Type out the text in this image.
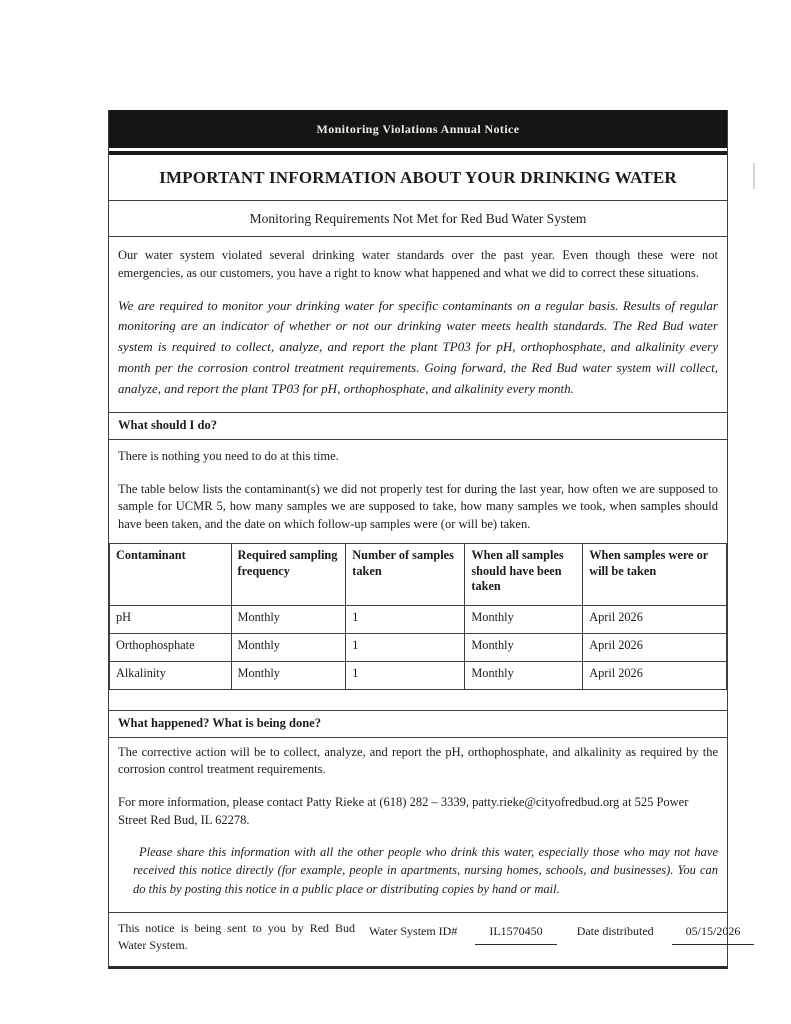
Monitoring Violations Annual Notice
IMPORTANT INFORMATION ABOUT YOUR DRINKING WATER
Monitoring Requirements Not Met for Red Bud Water System

Our water system violated several drinking water standards over the past year. Even though these were not emergencies, as our customers, you have a right to know what happened and what we did to correct these situations.

We are required to monitor your drinking water for specific contaminants on a regular basis. Results of regular monitoring are an indicator of whether or not our drinking water meets health standards. The Red Bud water system is required to collect, analyze, and report the plant TP03 for pH, orthophosphate, and alkalinity every month per the corrosion control treatment requirements. Going forward, the Red Bud water system will collect, analyze, and report the plant TP03 for pH, orthophosphate, and alkalinity every month.

What should I do?

There is nothing you need to do at this time.

The table below lists the contaminant(s) we did not properly test for during the last year, how often we are supposed to sample for UCMR 5, how many samples we are supposed to take, how many samples we took, when samples should have been taken, and the date on which follow-up samples were (or will be) taken.

Contaminant	Required sampling frequency	Number of samples taken	When all samples should have been taken	When samples were or will be taken
pH	Monthly	1	Monthly	April 2026
Orthophosphate	Monthly	1	Monthly	April 2026
Alkalinity	Monthly	1	Monthly	April 2026
What happened? What is being done?

The corrective action will be to collect, analyze, and report the pH, orthophosphate, and alkalinity as required by the corrosion control treatment requirements.

For more information, please contact Patty Rieke at (618) 282 – 3339, patty.rieke@cityofredbud.org at 525 Power Street Red Bud, IL 62278.

Please share this information with all the other people who drink this water, especially those who may not have received this notice directly (for example, people in apartments, nursing homes, schools, and businesses). You can do this by posting this notice in a public place or distributing copies by hand or mail.

This notice is being sent to you by Red Bud Water System.
Water System ID#	IL1570450	Date distributed	05/15/2026
